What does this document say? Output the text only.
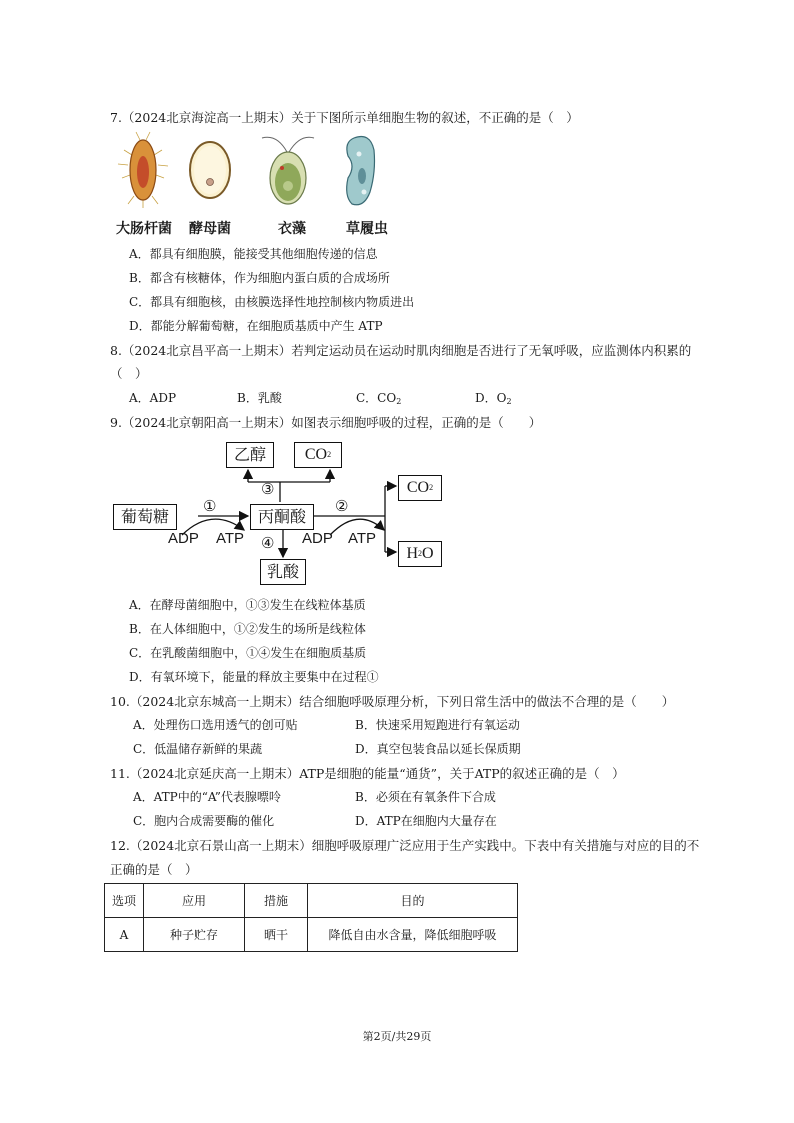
7.（2024北京海淀高一上期末）关于下图所示单细胞生物的叙述，不正确的是（　）
大肠杆菌 酵母菌	衣藻	草履虫
A．都具有细胞膜，能接受其他细胞传递的信息
B．都含有核糖体，作为细胞内蛋白质的合成场所
C．都具有细胞核，由核膜选择性地控制核内物质进出
D．都能分解葡萄糖，在细胞质基质中产生 ATP
8.（2024北京昌平高一上期末）若判定运动员在运动时肌肉细胞是否进行了无氧呼吸，应监测体内积累的
（　）
A．ADP	B．乳酸	C．$CO_2$	D．$O_2$
9.（2024北京朝阳高一上期末）如图表示细胞呼吸的过程，正确的是（　　）
乙醇 CO 2
葡萄糖	丙酮酸
乳酸
CO 2
H 2 O
①	②
③
④
ADP ATP	ADP ATP
A．在酵母菌细胞中，①③发生在线粒体基质
B．在人体细胞中，①②发生的场所是线粒体
C．在乳酸菌细胞中，①④发生在细胞质基质
D．有氧环境下，能量的释放主要集中在过程①
10.（2024北京东城高一上期末）结合细胞呼吸原理分析，下列日常生活中的做法不合理的是（　　）
A．处理伤口选用透气的创可贴	B．快速采用短跑进行有氧运动
C．低温储存新鲜的果蔬	D．真空包装食品以延长保质期
11.（2024北京延庆高一上期末）ATP是细胞的能量“通货”，关于ATP的叙述正确的是（　）
A．ATP中的“A”代表腺嘌呤	B．必须在有氧条件下合成
C．胞内合成需要酶的催化	D．ATP在细胞内大量存在
12.（2024北京石景山高一上期末）细胞呼吸原理广泛应用于生产实践中。下表中有关措施与对应的目的不
正确的是（　）
选项	应用	措施	目的
A	种子贮存	晒干	降低自由水含量，降低细胞呼吸
第2页/共29页
